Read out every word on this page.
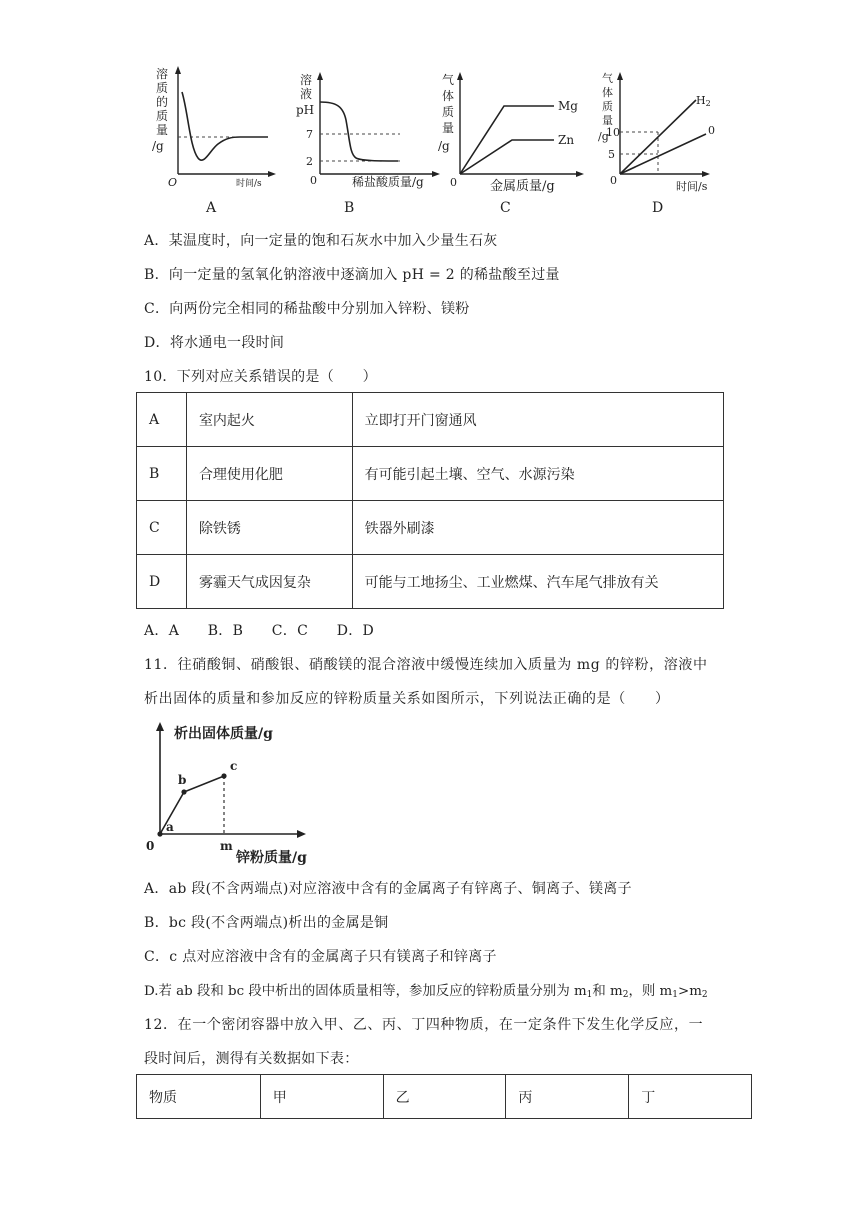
溶
质
的
质
量
/g
O	时间/s
A
溶
液
pH
7
2
0	稀盐酸质量/g
B
气
体
质
量
/g
Mg
Zn
0	金属质量/g
C
气
体
质
量
/g
10
5
H2
0
0	时间/s
D
A．某温度时，向一定量的饱和石灰水中加入少量生石灰
B．向一定量的氢氧化钠溶液中逐滴加入 pH = 2 的稀盐酸至过量
C．向两份完全相同的稀盐酸中分别加入锌粉、镁粉
D．将水通电一段时间
10．下列对应关系错误的是（　　）
A	室内起火	立即打开门窗通风
B	合理使用化肥	有可能引起土壤、空气、水源污染
C	除铁锈	铁器外刷漆
D	雾霾天气成因复杂	可能与工地扬尘、工业燃煤、汽车尾气排放有关
A．A　　B．B　　C．C　　D．D
11．往硝酸铜、硝酸银、硝酸镁的混合溶液中缓慢连续加入质量为 mg 的锌粉，溶液中
析出固体的质量和参加反应的锌粉质量关系如图所示，下列说法正确的是（　　）
析出固体质量/g
a
b
c
0	m
锌粉质量/g
A．ab 段(不含两端点)对应溶液中含有的金属离子有锌离子、铜离子、镁离子
B．bc 段(不含两端点)析出的金属是铜
C．c 点对应溶液中含有的金属离子只有镁离子和锌离子
D.若 ab 段和 bc 段中析出的固体质量相等，参加反应的锌粉质量分别为 $m_1$和 $m_2$，则 $m_1>m_2$
12．在一个密闭容器中放入甲、乙、丙、丁四种物质，在一定条件下发生化学反应，一
段时间后，测得有关数据如下表：
物质	甲	乙	丙	丁
